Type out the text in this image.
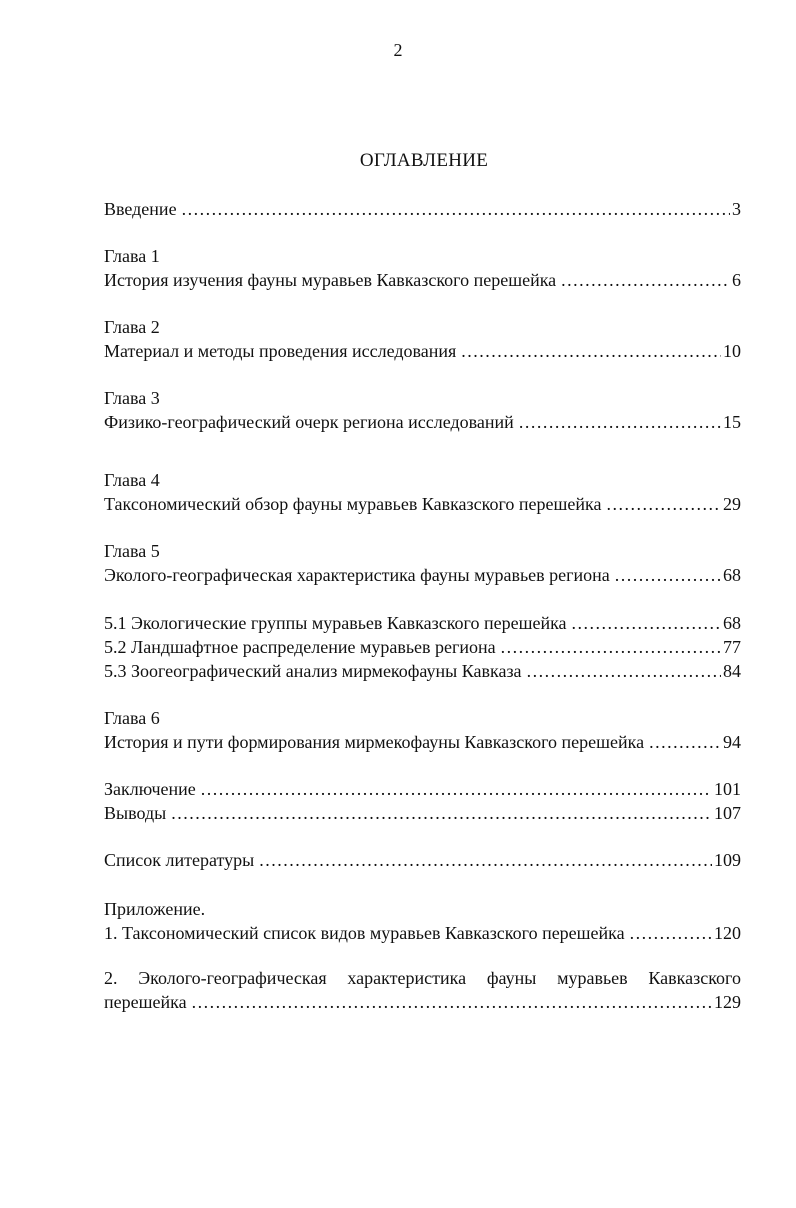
2
ОГЛАВЛЕНИЕ
Введение .....	3
Глава 1
История изучения фауны муравьев Кавказского перешейка .....	6
Глава 2
Материал и методы проведения исследования .....	10
Глава 3
Физико-географический очерк региона исследований .....	15
Глава 4
Таксономический обзор фауны муравьев Кавказского перешейка .....	29
Глава 5
Эколого-географическая характеристика фауны муравьев региона .....	68
5.1 Экологические группы муравьев Кавказского перешейка .....	68
5.2 Ландшафтное распределение муравьев региона .....	77
5.3 Зоогеографический анализ мирмекофауны Кавказа .....	84
Глава 6
История и пути формирования мирмекофауны Кавказского перешейка .....	94
Заключение .....	101
Выводы .....	107
Список литературы .....	109
Приложение.
1. Таксономический список видов муравьев Кавказского перешейка .....	120
2. Эколого-географическая характеристика фауны муравьев Кавказского
перешейка .....	129
